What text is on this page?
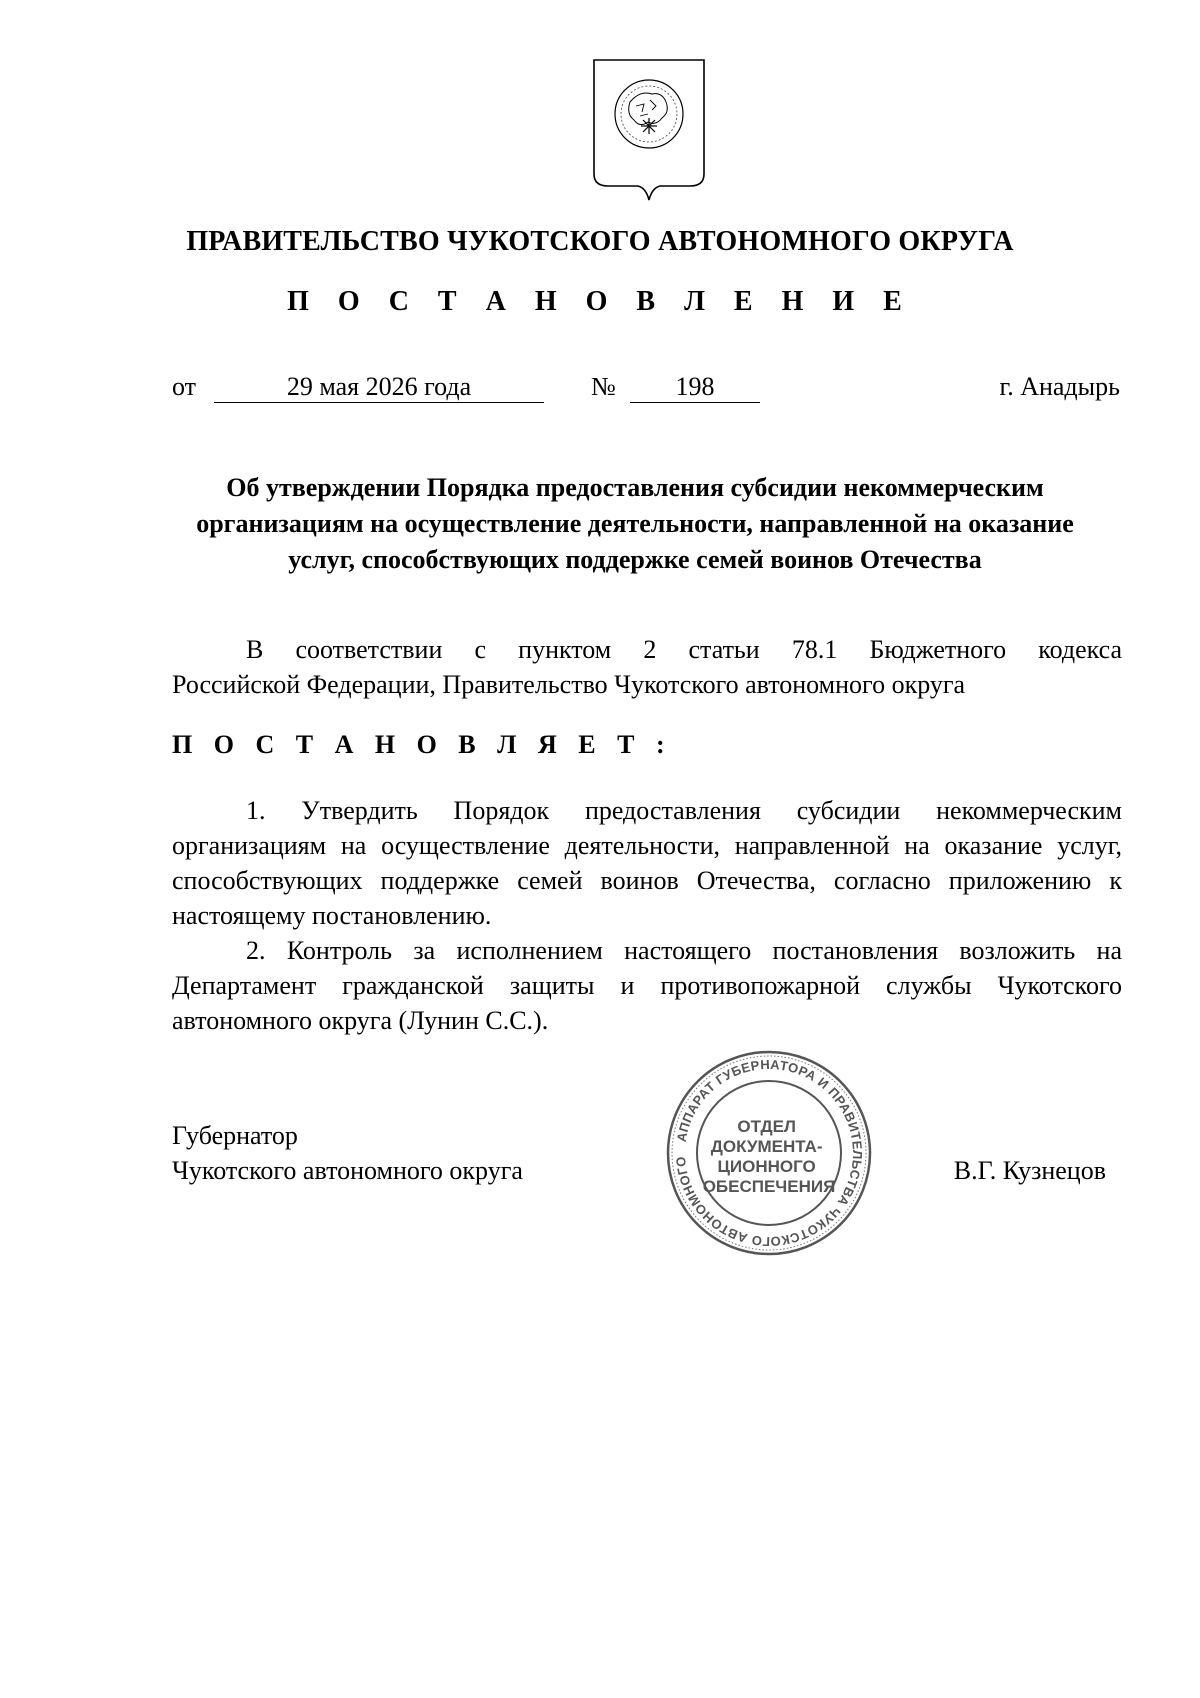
ПРАВИТЕЛЬСТВО ЧУКОТСКОГО АВТОНОМНОГО ОКРУГА
П О С Т А Н О В Л Е Н И Е
от	29 мая 2026 года	№	198	г. Анадырь
Об утверждении Порядка предоставления субсидии некоммерческим
организациям на осуществление деятельности, направленной на оказание
услуг, способствующих поддержке семей воинов Отечества
В соответствии с пунктом 2 статьи 78.1 Бюджетного кодекса
Российской Федерации, Правительство Чукотского автономного округа
П О С Т А Н О В Л Я Е Т :
1. Утвердить Порядок предоставления субсидии некоммерческим
организациям на осуществление деятельности, направленной на оказание услуг, способствующих поддержке семей воинов Отечества, согласно приложению к настоящему постановлению.
2. Контроль за исполнением настоящего постановления возложить на
Департамент гражданской защиты и противопожарной службы Чукотского автономного округа (Лунин С.С.).
Губернатор
Чукотского автономного округа	В.Г. Кузнецов
АППАРАТ ГУБЕРНАТОРА И ПРАВИТЕЛЬСТВА ЧУКОТСКОГО АВТОНОМНОГО
ОТДЕЛ ДОКУМЕНТА- ЦИОННОГО ОБЕСПЕЧЕНИЯ
